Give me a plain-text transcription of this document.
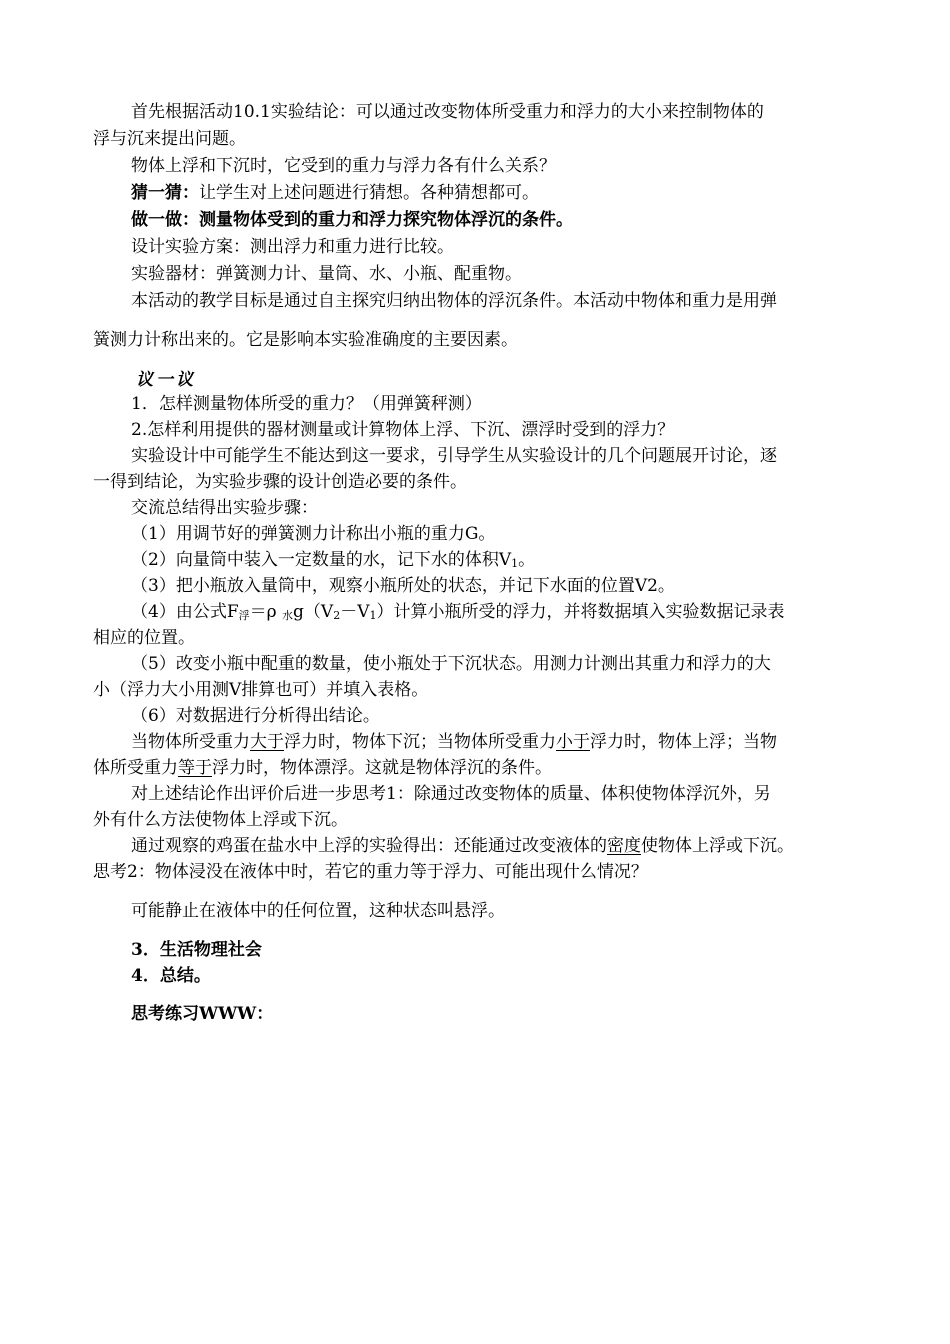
首先根据活动10.1实验结论：可以通过改变物体所受重力和浮力的大小来控制物体的
浮与沉来提出问题。
物体上浮和下沉时，它受到的重力与浮力各有什么关系？
猜一猜：让学生对上述问题进行猜想。各种猜想都可。
做一做：测量物体受到的重力和浮力探究物体浮沉的条件。
设计实验方案：测出浮力和重力进行比较。
实验器材：弹簧测力计、量筒、水、小瓶、配重物。
本活动的教学目标是通过自主探究归纳出物体的浮沉条件。本活动中物体和重力是用弹
簧测力计称出来的。它是影响本实验准确度的主要因素。
议一议
1．怎样测量物体所受的重力？（用弹簧秤测）
2.怎样利用提供的器材测量或计算物体上浮、下沉、漂浮时受到的浮力？
实验设计中可能学生不能达到这一要求，引导学生从实验设计的几个问题展开讨论，逐
一得到结论，为实验步骤的设计创造必要的条件。
交流总结得出实验步骤：
（1）用调节好的弹簧测力计称出小瓶的重力G。
（2）向量筒中装入一定数量的水，记下水的体积V1。
（3）把小瓶放入量筒中，观察小瓶所处的状态，并记下水面的位置V2。
（4）由公式F浮＝ρ 水g（V2－V1）计算小瓶所受的浮力，并将数据填入实验数据记录表
相应的位置。
（5）改变小瓶中配重的数量，使小瓶处于下沉状态。用测力计测出其重力和浮力的大
小（浮力大小用测V排算也可）并填入表格。
（6）对数据进行分析得出结论。
当物体所受重力大于浮力时，物体下沉；当物体所受重力小于浮力时，物体上浮；当物
体所受重力等于浮力时，物体漂浮。这就是物体浮沉的条件。
对上述结论作出评价后进一步思考1：除通过改变物体的质量、体积使物体浮沉外，另
外有什么方法使物体上浮或下沉。
通过观察的鸡蛋在盐水中上浮的实验得出：还能通过改变液体的密度使物体上浮或下沉。
思考2：物体浸没在液体中时，若它的重力等于浮力、可能出现什么情况？
可能静止在液体中的任何位置，这种状态叫悬浮。
3．生活物理社会
4．总结。
思考练习WWW：
